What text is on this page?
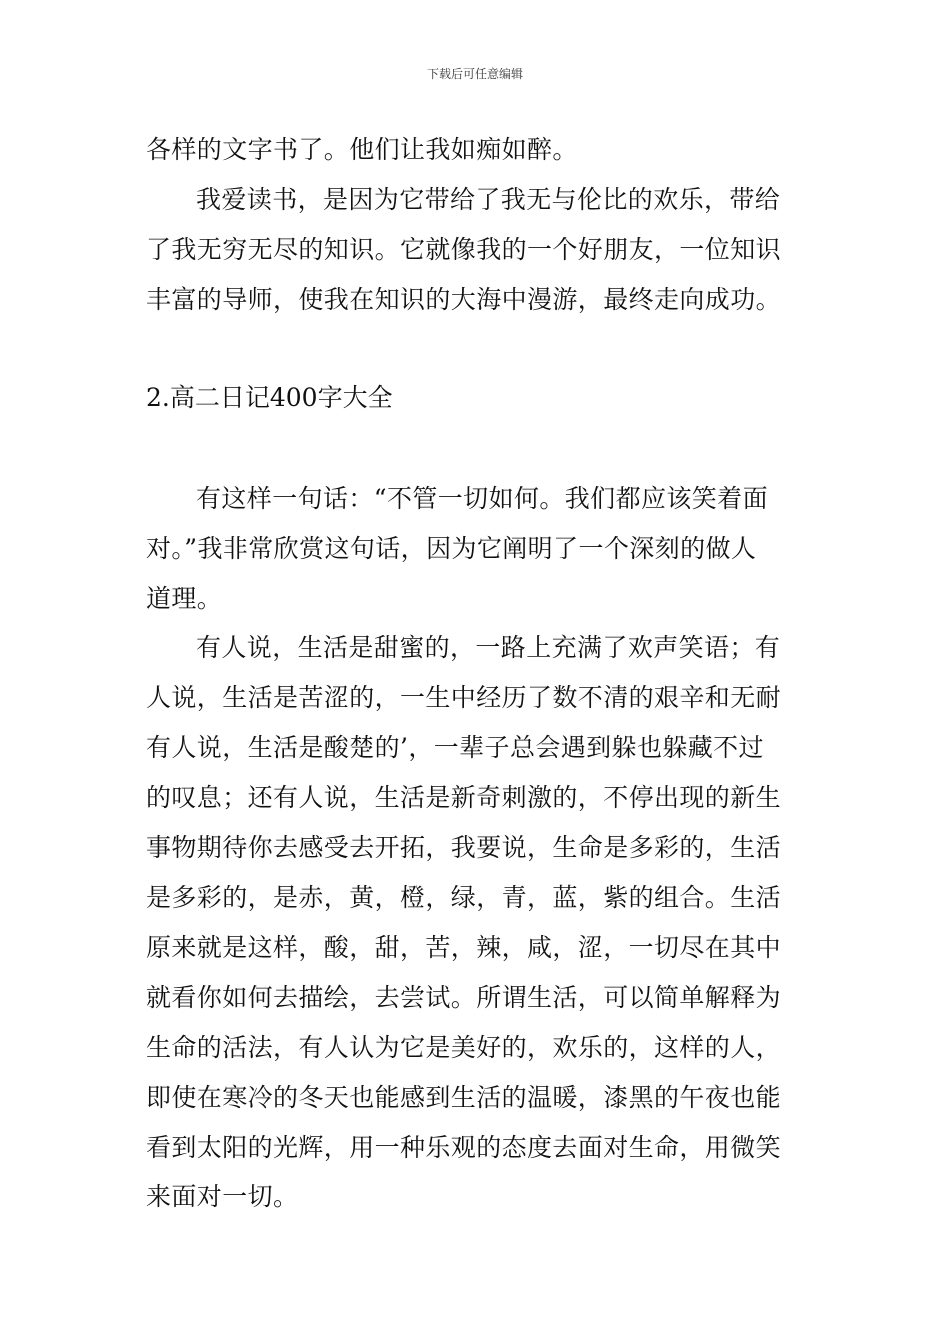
下载后可任意编辑
各样的文字书了。他们让我如痴如醉。
我爱读书，是因为它带给了我无与伦比的欢乐，带给
了我无穷无尽的知识。它就像我的一个好朋友，一位知识
丰富的导师，使我在知识的大海中漫游，最终走向成功。
2.高二日记400字大全
有这样一句话：“不管一切如何。我们都应该笑着面
对。”我非常欣赏这句话，因为它阐明了一个深刻的做人
道理。
有人说，生活是甜蜜的，一路上充满了欢声笑语；有
人说，生活是苦涩的，一生中经历了数不清的艰辛和无耐
有人说，生活是酸楚的’，一辈子总会遇到躲也躲藏不过
的叹息；还有人说，生活是新奇刺激的，不停出现的新生
事物期待你去感受去开拓，我要说，生命是多彩的，生活
是多彩的，是赤，黄，橙，绿，青，蓝，紫的组合。生活
原来就是这样，酸，甜，苦，辣，咸，涩，一切尽在其中
就看你如何去描绘，去尝试。所谓生活，可以简单解释为
生命的活法，有人认为它是美好的，欢乐的，这样的人，
即使在寒冷的冬天也能感到生活的温暖，漆黑的午夜也能
看到太阳的光辉，用一种乐观的态度去面对生命，用微笑
来面对一切。
